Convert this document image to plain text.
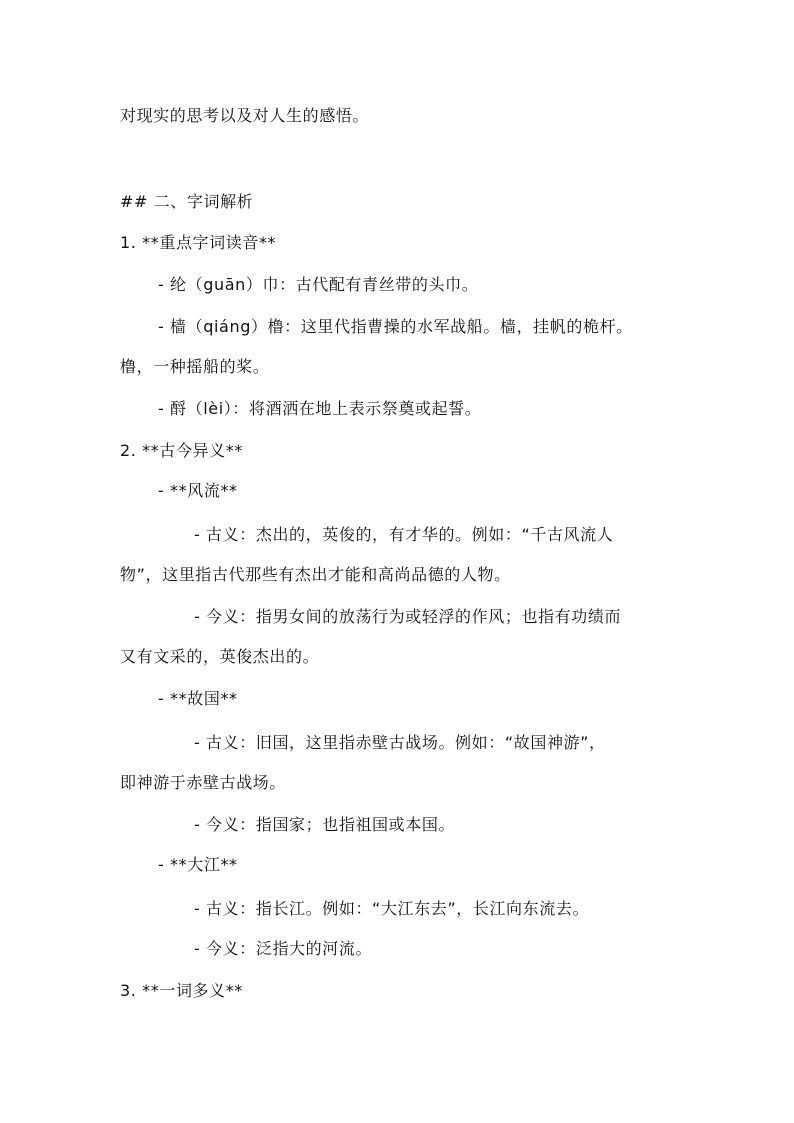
对现实的思考以及对人生的感悟。
## 二、字词解析
1. **重点字词读音**
- 纶（guān）巾：古代配有青丝带的头巾。
- 樯（qiáng）橹：这里代指曹操的水军战船。樯，挂帆的桅杆。
橹，一种摇船的桨。
- 酹（lèi）：将酒洒在地上表示祭奠或起誓。
2. **古今异义**
- **风流**
- 古义：杰出的，英俊的，有才华的。例如：“千古风流人
物”，这里指古代那些有杰出才能和高尚品德的人物。
- 今义：指男女间的放荡行为或轻浮的作风；也指有功绩而
又有文采的，英俊杰出的。
- **故国**
- 古义：旧国，这里指赤壁古战场。例如：“故国神游”，
即神游于赤壁古战场。
- 今义：指国家；也指祖国或本国。
- **大江**
- 古义：指长江。例如：“大江东去”，长江向东流去。
- 今义：泛指大的河流。
3. **一词多义**
